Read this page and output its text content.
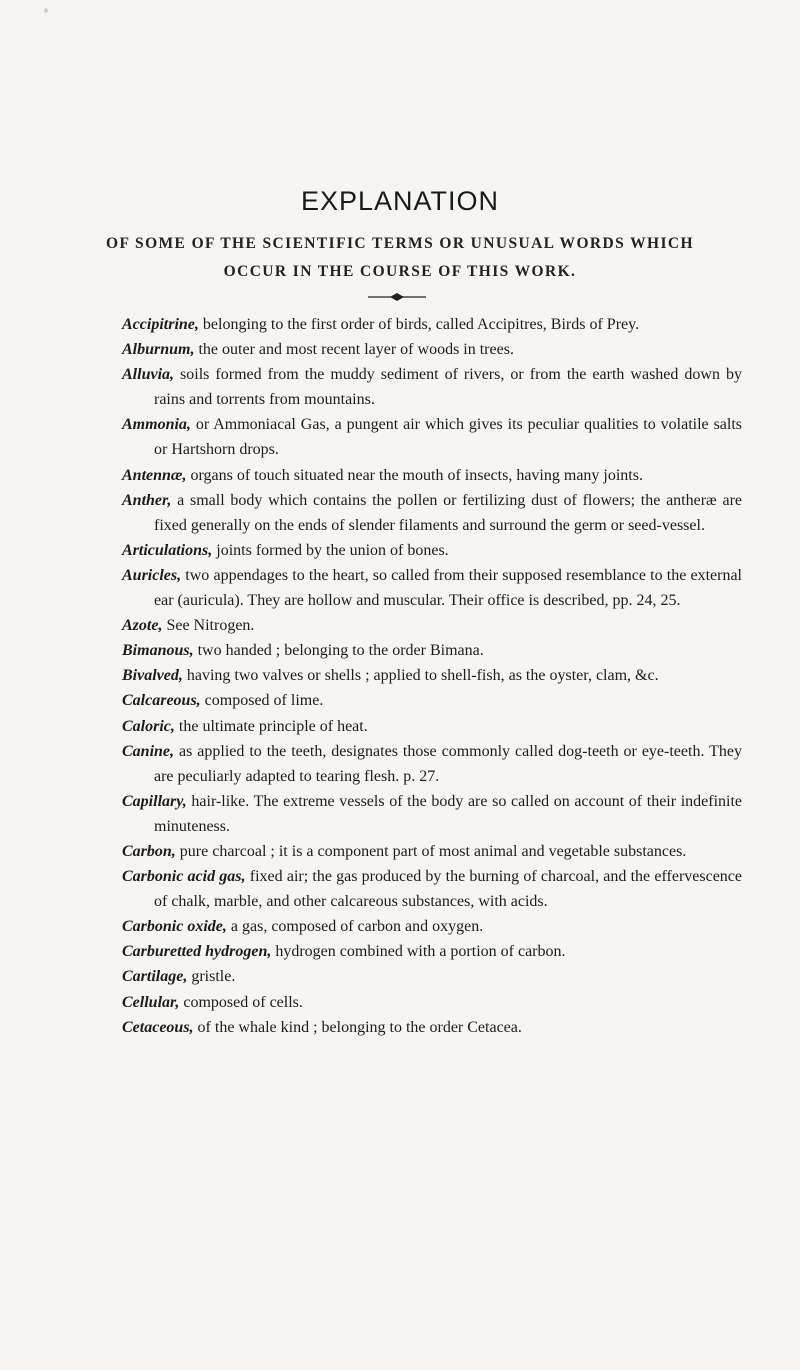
EXPLANATION
OF SOME OF THE SCIENTIFIC TERMS OR UNUSUAL WORDS WHICH
OCCUR IN THE COURSE OF THIS WORK.

Accipitrine, belonging to the first order of birds, called Accipitres, Birds of Prey.

Alburnum, the outer and most recent layer of woods in trees.

Alluvia, soils formed from the muddy sediment of rivers, or from the earth washed down by rains and torrents from mountains.

Ammonia, or Ammoniacal Gas, a pungent air which gives its peculiar qualities to volatile salts or Hartshorn drops.

Antennæ, organs of touch situated near the mouth of insects, having many joints.

Anther, a small body which contains the pollen or fertilizing dust of flowers; the antheræ are fixed generally on the ends of slender filaments and surround the germ or seed-vessel.

Articulations, joints formed by the union of bones.

Auricles, two appendages to the heart, so called from their supposed resemblance to the external ear (auricula). They are hollow and muscular. Their office is described, pp. 24, 25.

Azote, See Nitrogen.

Bimanous, two handed ; belonging to the order Bimana.

Bivalved, having two valves or shells ; applied to shell-fish, as the oyster, clam, &c.

Calcareous, composed of lime.

Caloric, the ultimate principle of heat.

Canine, as applied to the teeth, designates those commonly called dog-teeth or eye-teeth. They are peculiarly adapted to tearing flesh. p. 27.

Capillary, hair-like. The extreme vessels of the body are so called on account of their indefinite minuteness.

Carbon, pure charcoal ; it is a component part of most animal and vegetable substances.

Carbonic acid gas, fixed air; the gas produced by the burning of charcoal, and the effervescence of chalk, marble, and other calcareous substances, with acids.

Carbonic oxide, a gas, composed of carbon and oxygen.

Carburetted hydrogen, hydrogen combined with a portion of carbon.

Cartilage, gristle.

Cellular, composed of cells.

Cetaceous, of the whale kind ; belonging to the order Cetacea.
